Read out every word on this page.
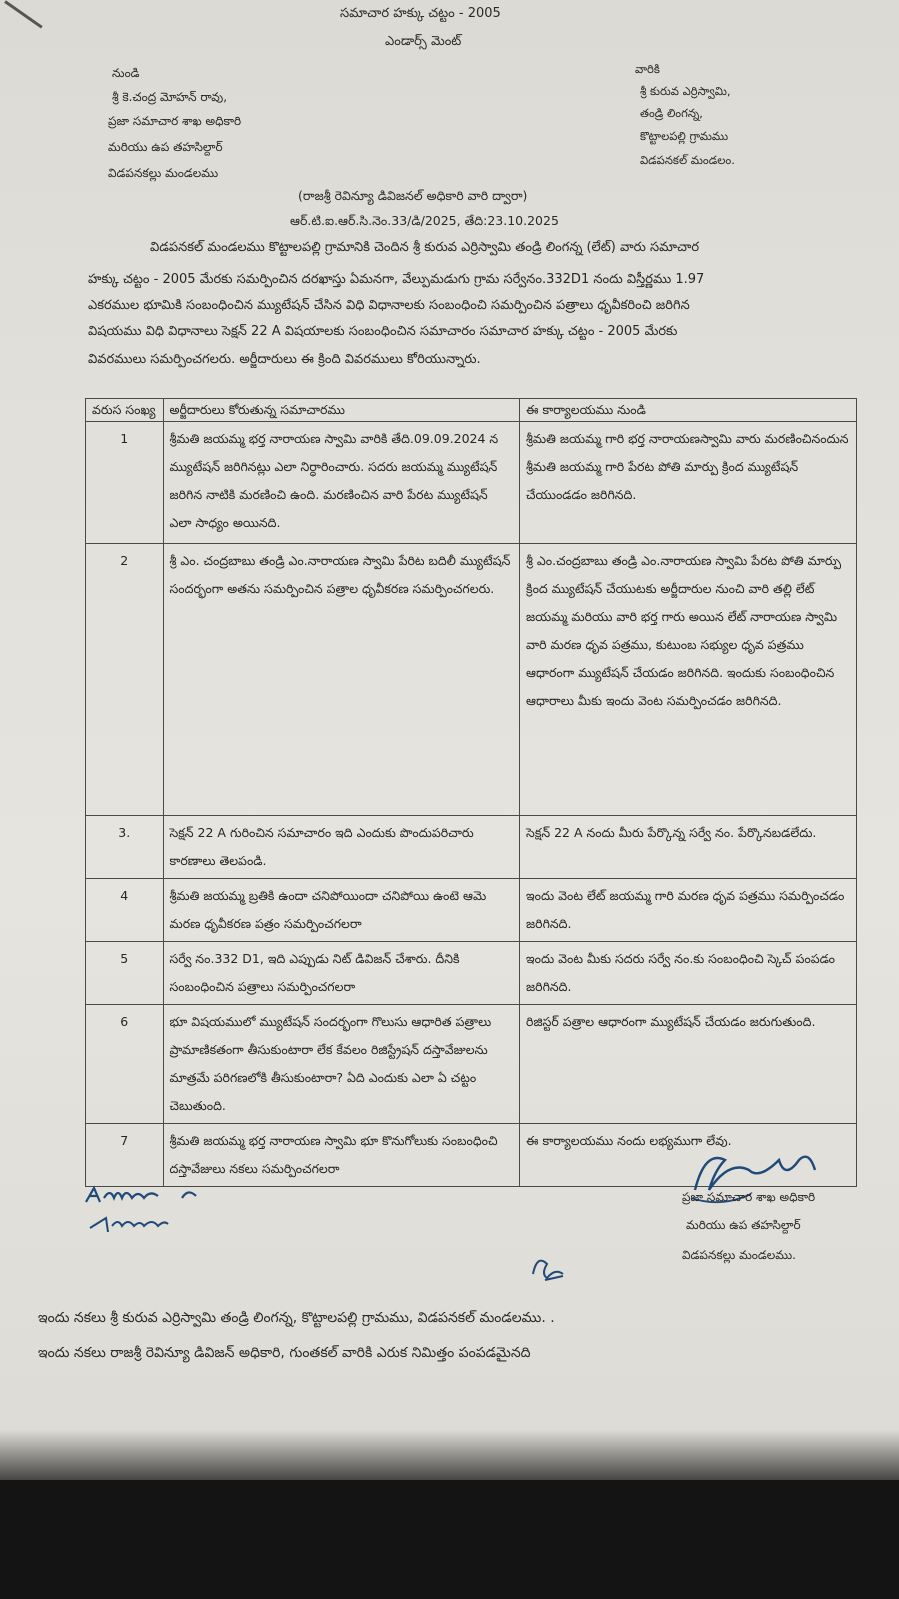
సమాచార హక్కు చట్టం - 2005
ఎండార్స్ మెంట్
నుండి
శ్రీ కె.చంద్ర మోహన్ రావు,
ప్రజా సమాచార శాఖ అధికారి
మరియు ఉప తహసిల్దార్
విడపనకల్లు మండలము
వారికి
శ్రీ కురువ ఎర్రిస్వామి,
తండ్రి లింగన్న,
కొట్టాలపల్లి గ్రామము
విడపనకల్ మండలం.
(రాజశ్రీ రెవిన్యూ డివిజనల్ అధికారి వారి ద్వారా)
ఆర్.టి.ఐ.ఆర్.సి.నెం.33/డి/2025, తేది:23.10.2025
విడపనకల్ మండలము కొట్టాలపల్లి గ్రామానికి చెందిన శ్రీ కురువ ఎర్రిస్వామి తండ్రి లింగన్న (లేట్) వారు సమాచార
హక్కు చట్టం - 2005 మేరకు సమర్పించిన దరఖాస్తు ఏమనగా, వేల్పుమడుగు గ్రామ సర్వేనం.332D1 నందు విస్తీర్ణము 1.97
ఎకరముల భూమికి సంబంధించిన మ్యుటేషన్ చేసిన విధి విధానాలకు సంబంధించి సమర్పించిన పత్రాలు ధృవీకరించి జరిగిన
విషయము విధి విధానాలు సెక్షన్ 22 A విషయాలకు సంబంధించిన సమాచారం సమాచార హక్కు చట్టం - 2005 మేరకు
వివరములు సమర్పించగలరు. అర్జీదారులు ఈ క్రింది వివరములు కోరియున్నారు.
వరుస సంఖ్య	అర్జీదారులు కోరుతున్న సమాచారము	ఈ కార్యాలయము నుండి
1	శ్రీమతి జయమ్మ భర్త నారాయణ స్వామి వారికి తేది.09.09.2024 న మ్యుటేషన్ జరిగినట్లు ఎలా నిర్ధారించారు. సదరు జయమ్మ మ్యుటేషన్ జరిగిన నాటికి మరణించి ఉంది. మరణించిన వారి పేరట మ్యుటేషన్ ఎలా సాధ్యం అయినది.	శ్రీమతి జయమ్మ గారి భర్త నారాయణస్వామి వారు మరణించినందున శ్రీమతి జయమ్మ గారి పేరట పోతి మార్పు క్రింద మ్యుటేషన్ చేయుండడం జరిగినది.
2	శ్రీ ఎం. చంద్రబాబు తండ్రి ఎం.నారాయణ స్వామి పేరిట బదిలీ మ్యుటేషన్ సందర్భంగా అతను సమర్పించిన పత్రాల ధృవీకరణ సమర్పించగలరు.	శ్రీ ఎం.చంద్రబాబు తండ్రి ఎం.నారాయణ స్వామి పేరట పోతి మార్పు క్రింద మ్యుటేషన్ చేయుటకు అర్జీదారుల నుంచి వారి తల్లి లేట్ జయమ్మ మరియు వారి భర్త గారు అయిన లేట్ నారాయణ స్వామి వారి మరణ ధృవ పత్రము, కుటుంబ సభ్యుల ధృవ పత్రము ఆధారంగా మ్యుటేషన్ చేయడం జరిగినది. ఇందుకు సంబంధించిన ఆధారాలు మీకు ఇందు వెంట సమర్పించడం జరిగినది.
3.	సెక్షన్ 22 A గురించిన సమాచారం ఇది ఎందుకు పొందుపరిచారు కారణాలు తెలపండి.	సెక్షన్ 22 A నందు మీరు పేర్కొన్న సర్వే నం. పేర్కొనబడలేదు.
4	శ్రీమతి జయమ్మ బ్రతికి ఉందా చనిపోయిందా చనిపోయి ఉంటె ఆమె మరణ ధృవీకరణ పత్రం సమర్పించగలరా	ఇందు వెంట లేట్ జయమ్మ గారి మరణ ధృవ పత్రము సమర్పించడం జరిగినది.
5	సర్వే నం.332 D1, ఇది ఎప్పుడు నిట్ డివిజన్ చేశారు. దీనికి సంబంధించిన పత్రాలు సమర్పించగలరా	ఇందు వెంట మీకు సదరు సర్వే నం.కు సంబంధించి స్కెచ్ పంపడం జరిగినది.
6	భూ విషయములో మ్యుటేషన్ సందర్భంగా గొలుసు ఆధారిత పత్రాలు ప్రామాణికతంగా తీసుకుంటారా లేక కేవలం రిజిస్ట్రేషన్ దస్తావేజులను మాత్రమే పరిగణలోకి తీసుకుంటారా? ఏది ఎందుకు ఎలా ఏ చట్టం చెబుతుంది.	రిజిస్టర్ పత్రాల ఆధారంగా మ్యుటేషన్ చేయడం జరుగుతుంది.
7	శ్రీమతి జయమ్మ భర్త నారాయణ స్వామి భూ కొనుగోలుకు సంబంధించి దస్తావేజులు నకలు సమర్పించగలరా	ఈ కార్యాలయము నందు లభ్యముగా లేవు.
ప్రజా సమాచార శాఖ అధికారి
మరియు ఉప తహసిల్దార్
విడపనకల్లు మండలము.
ఇందు నకలు శ్రీ కురువ ఎర్రిస్వామి తండ్రి లింగన్న, కొట్టాలపల్లి గ్రామము, విడపనకల్ మండలము. .
ఇందు నకలు రాజశ్రీ రెవిన్యూ డివిజన్ అధికారి, గుంతకల్ వారికి ఎరుక నిమిత్తం పంపడమైనది
